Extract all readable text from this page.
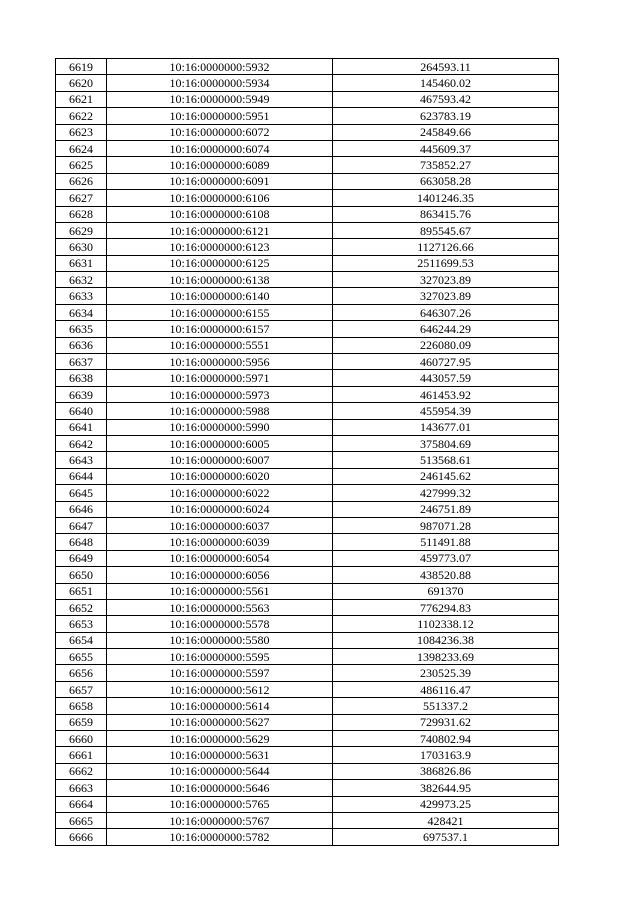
6619	10:16:0000000:5932	264593.11
6620	10:16:0000000:5934	145460.02
6621	10:16:0000000:5949	467593.42
6622	10:16:0000000:5951	623783.19
6623	10:16:0000000:6072	245849.66
6624	10:16:0000000:6074	445609.37
6625	10:16:0000000:6089	735852.27
6626	10:16:0000000:6091	663058.28
6627	10:16:0000000:6106	1401246.35
6628	10:16:0000000:6108	863415.76
6629	10:16:0000000:6121	895545.67
6630	10:16:0000000:6123	1127126.66
6631	10:16:0000000:6125	2511699.53
6632	10:16:0000000:6138	327023.89
6633	10:16:0000000:6140	327023.89
6634	10:16:0000000:6155	646307.26
6635	10:16:0000000:6157	646244.29
6636	10:16:0000000:5551	226080.09
6637	10:16:0000000:5956	460727.95
6638	10:16:0000000:5971	443057.59
6639	10:16:0000000:5973	461453.92
6640	10:16:0000000:5988	455954.39
6641	10:16:0000000:5990	143677.01
6642	10:16:0000000:6005	375804.69
6643	10:16:0000000:6007	513568.61
6644	10:16:0000000:6020	246145.62
6645	10:16:0000000:6022	427999.32
6646	10:16:0000000:6024	246751.89
6647	10:16:0000000:6037	987071.28
6648	10:16:0000000:6039	511491.88
6649	10:16:0000000:6054	459773.07
6650	10:16:0000000:6056	438520.88
6651	10:16:0000000:5561	691370
6652	10:16:0000000:5563	776294.83
6653	10:16:0000000:5578	1102338.12
6654	10:16:0000000:5580	1084236.38
6655	10:16:0000000:5595	1398233.69
6656	10:16:0000000:5597	230525.39
6657	10:16:0000000:5612	486116.47
6658	10:16:0000000:5614	551337.2
6659	10:16:0000000:5627	729931.62
6660	10:16:0000000:5629	740802.94
6661	10:16:0000000:5631	1703163.9
6662	10:16:0000000:5644	386826.86
6663	10:16:0000000:5646	382644.95
6664	10:16:0000000:5765	429973.25
6665	10:16:0000000:5767	428421
6666	10:16:0000000:5782	697537.1
